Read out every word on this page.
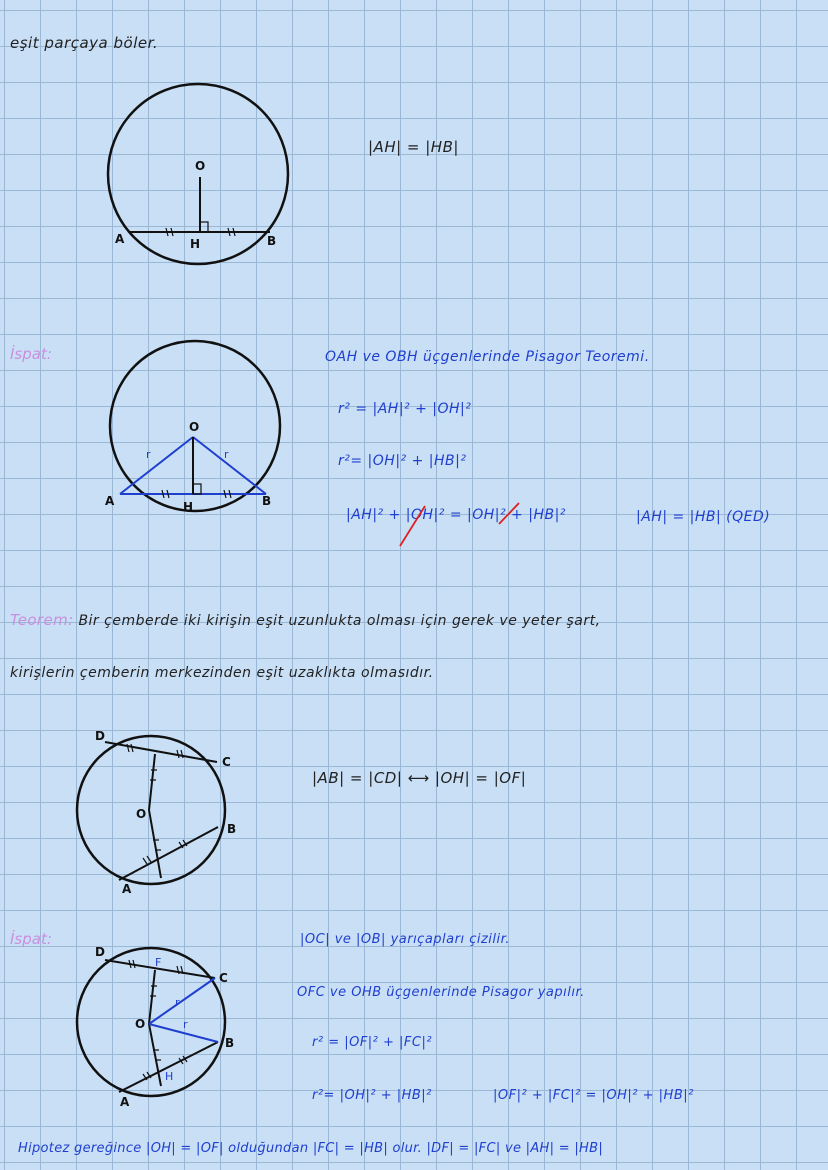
eşit parçaya böler.
A	B
H
O
|AH| = |HB|
İspat:
A	B
H
O
r	r
OAH ve OBH üçgenlerinde Pisagor Teoremi.
r² = |AH|² + |OH|²
r²= |OH|² + |HB|²
|AH|² + |OH|² = |OH|² + |HB|²	|AH| = |HB| (QED)
Teorem: Bir çemberde iki kirişin eşit uzunlukta olması için gerek ve yeter şart,
kirişlerin çemberin merkezinden eşit uzaklıkta olmasıdır.
D
C
B
A
O
|AB| = |CD| ⟷ |OH| = |OF|
İspat:
D
C
B
A
O
F
H
r
r
|OC| ve |OB| yarıçapları çizilir.
OFC ve OHB üçgenlerinde Pisagor yapılır.
r² = |OF|² + |FC|²
r²= |OH|² + |HB|²	|OF|² + |FC|² = |OH|² + |HB|²
Hipotez gereğince |OH| = |OF| olduğundan |FC| = |HB| olur. |DF| = |FC| ve |AH| = |HB|
